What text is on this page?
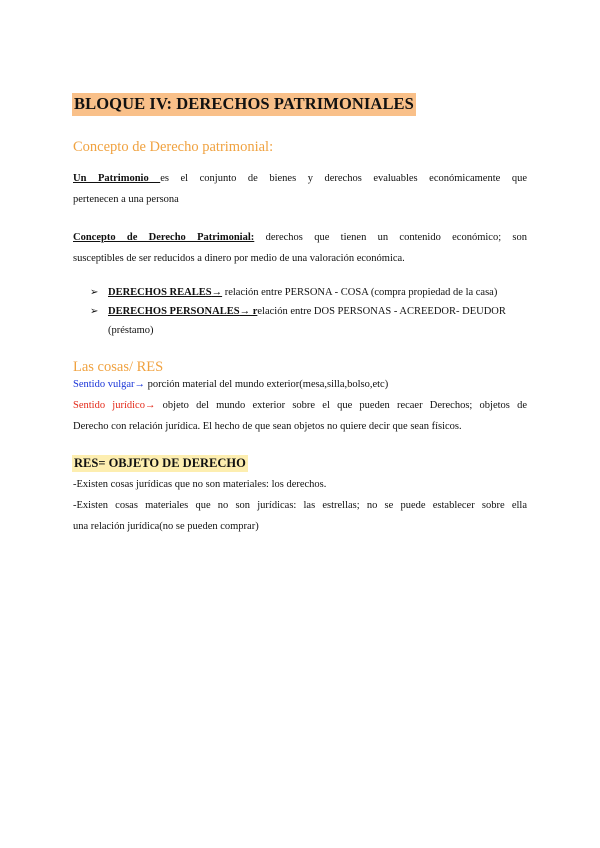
BLOQUE IV: DERECHOS PATRIMONIALES
Concepto de Derecho patrimonial:
Un Patrimonio es el conjunto de bienes y derechos evaluables económicamente que
pertenecen a una persona
Concepto de Derecho Patrimonial: derechos que tienen un contenido económico; son
susceptibles de ser reducidos a dinero por medio de una valoración económica.
➢ DERECHOS REALES→ relación entre PERSONA - COSA (compra propiedad de la casa)
➢ DERECHOS PERSONALES→ relación entre DOS PERSONAS - ACREEDOR- DEUDOR
(préstamo)
Las cosas/ RES
Sentido vulgar→ porción material del mundo exterior(mesa,silla,bolso,etc)
Sentido jurídico→ objeto del mundo exterior sobre el que pueden recaer Derechos; objetos de
Derecho con relación jurídica. El hecho de que sean objetos no quiere decir que sean físicos.
RES= OBJETO DE DERECHO
-Existen cosas jurídicas que no son materiales: los derechos.
-Existen cosas materiales que no son jurídicas: las estrellas; no se puede establecer sobre ella
una relación jurídica(no se pueden comprar)
